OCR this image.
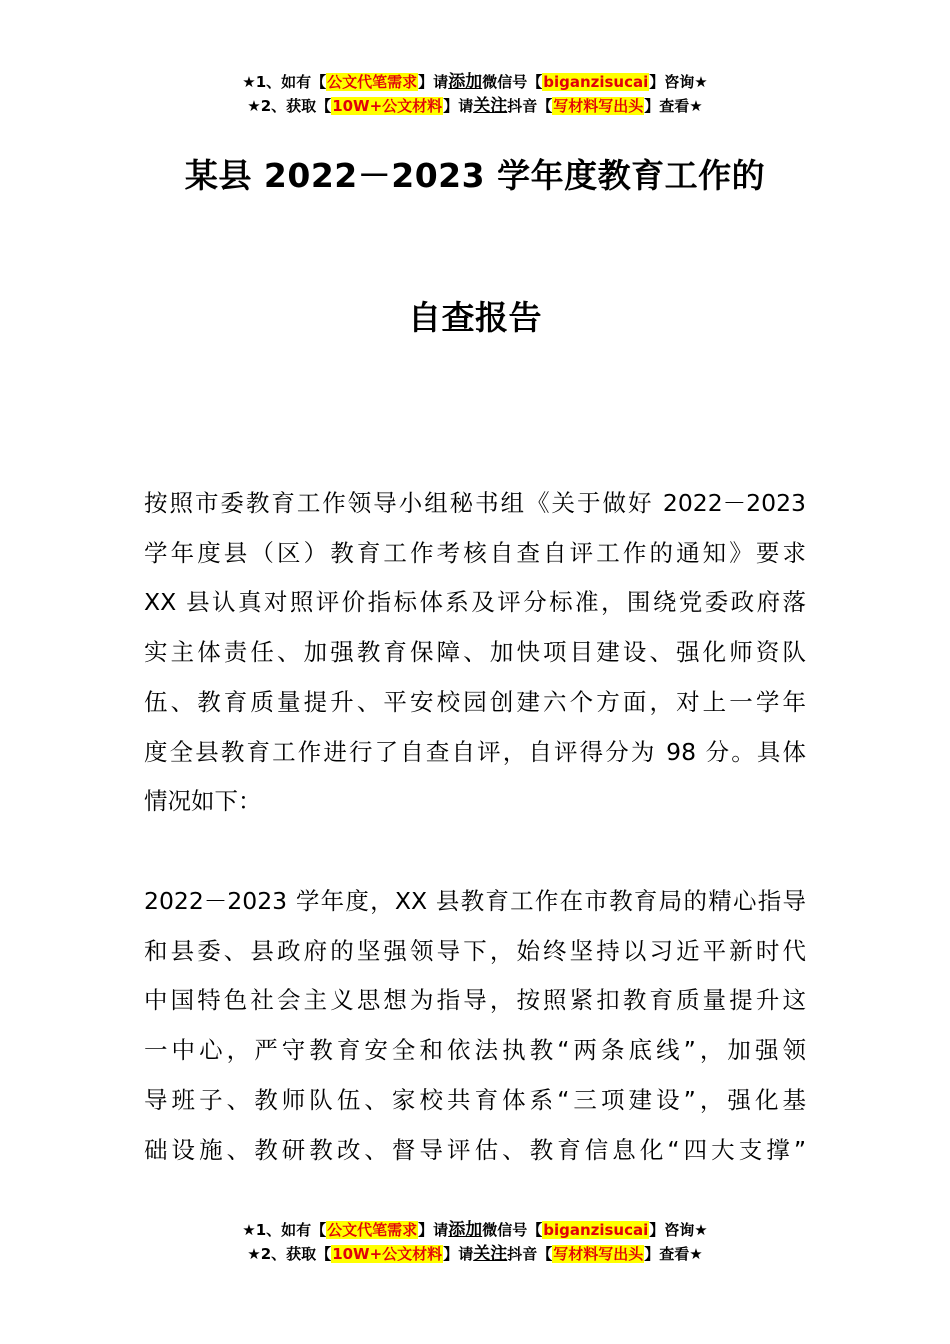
★1、如有【公文代笔需求】请添加微信号【biganzisucai】咨询★
★2、获取【10W+公文材料】请关注抖音【写材料写出头】查看★
某县 2022－2023 学年度教育工作的
自查报告

按照市委教育工作领导小组秘书组《关于做好 2022－2023
学年度县（区）教育工作考核自查自评工作的通知》要求
XX 县认真对照评价指标体系及评分标准，围绕党委政府落
实主体责任、加强教育保障、加快项目建设、强化师资队
伍、教育质量提升、平安校园创建六个方面，对上一学年
度全县教育工作进行了自查自评，自评得分为 98 分。具体
情况如下：

2022－2023 学年度，XX 县教育工作在市教育局的精心指导
和县委、县政府的坚强领导下，始终坚持以习近平新时代
中国特色社会主义思想为指导，按照紧扣教育质量提升这
一中心，严守教育安全和依法执教“两条底线”，加强领
导班子、教师队伍、家校共育体系“三项建设”，强化基
础设施、教研教改、督导评估、教育信息化“四大支撑”

★1、如有【公文代笔需求】请添加微信号【biganzisucai】咨询★
★2、获取【10W+公文材料】请关注抖音【写材料写出头】查看★
